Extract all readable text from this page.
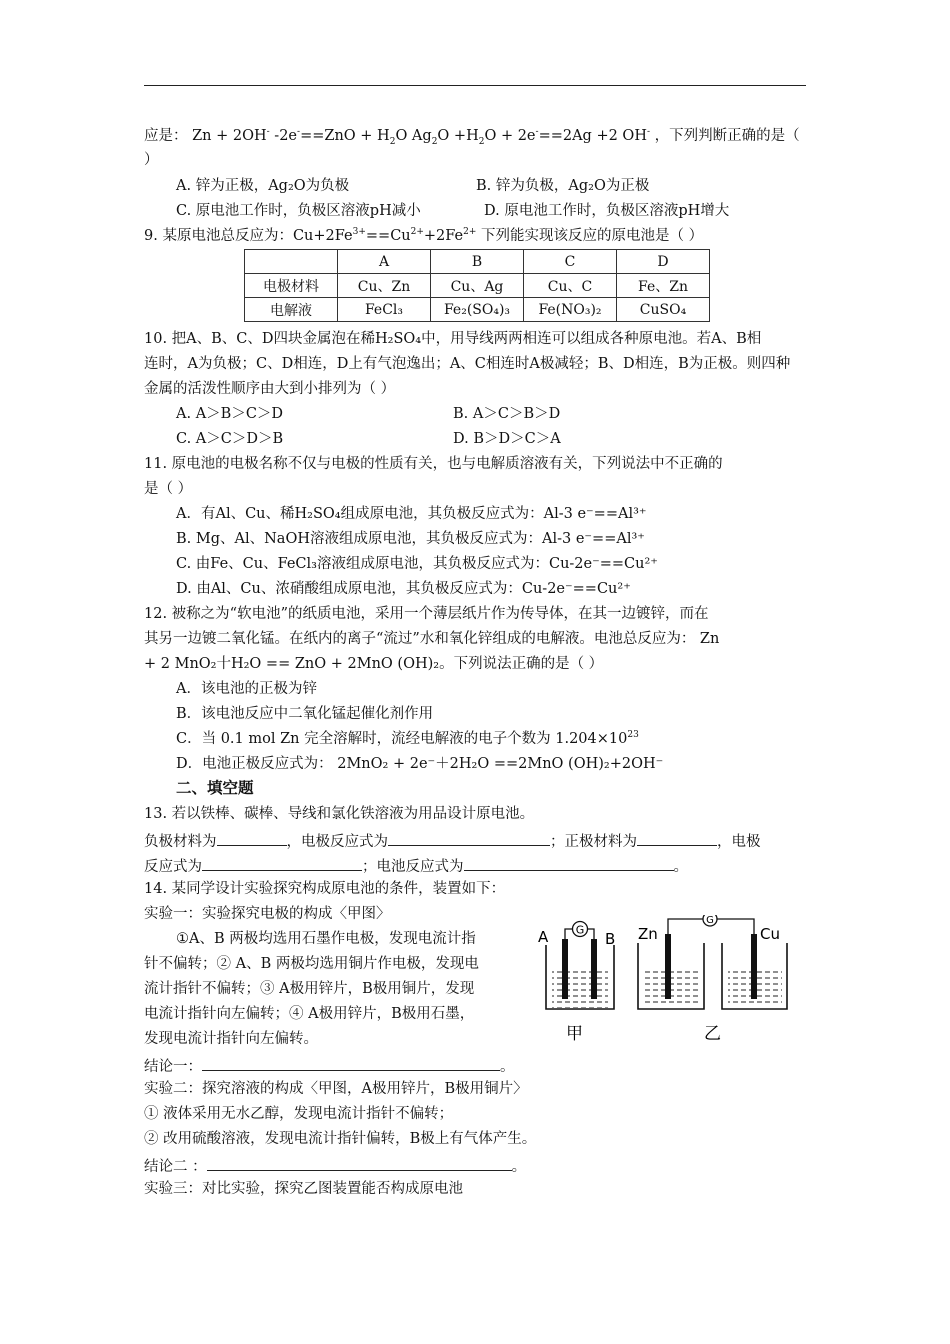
应是： Zn + 2OH- $-2e^-==ZnO + H_2O$ $Ag_2O +H_2O + 2e^-==2Ag +2$ OH- ，下列判断正确的是（
）
A. 锌为正极，Ag₂O为负极	B. 锌为负极，Ag₂O为正极
C. 原电池工作时，负极区溶液pH减小	D. 原电池工作时，负极区溶液pH增大
9. 某原电池总反应为：$Cu+2Fe^{3+}==Cu^{2+}+2Fe^{2+}$ 下列能实现该反应的原电池是（ ）
	A	B	C	D
电极材料	Cu、Zn	Cu、Ag	Cu、C	Fe、Zn
电解液	FeCl₃	Fe₂(SO₄)₃	Fe(NO₃)₂	CuSO₄
10. 把A、B、C、D四块金属泡在稀H₂SO₄中，用导线两两相连可以组成各种原电池。若A、B相
连时，A为负极；C、D相连，D上有气泡逸出；A、C相连时A极减轻；B、D相连，B为正极。则四种
金属的活泼性顺序由大到小排列为（ ）
A. A＞B＞C＞D	B. A＞C＞B＞D
C. A＞C＞D＞B	D. B＞D＞C＞A
11. 原电池的电极名称不仅与电极的性质有关，也与电解质溶液有关，下列说法中不正确的
是（ ）
A．有Al、Cu、稀H₂SO₄组成原电池，其负极反应式为：Al-3 e⁻==Al³⁺
B. Mg、Al、NaOH溶液组成原电池，其负极反应式为：Al-3 e⁻==Al³⁺
C. 由Fe、Cu、FeCl₃溶液组成原电池，其负极反应式为：Cu-2e⁻==Cu²⁺
D. 由Al、Cu、浓硝酸组成原电池，其负极反应式为：Cu-2e⁻==Cu²⁺
12. 被称之为“软电池”的纸质电池，采用一个薄层纸片作为传导体，在其一边镀锌，而在
其另一边镀二氧化锰。在纸内的离子“流过”水和氧化锌组成的电解液。电池总反应为： Zn
+ 2 MnO₂十H₂O == ZnO + 2MnO (OH)₂。下列说法正确的是（ ）
A．该电池的正极为锌
B．该电池反应中二氧化锰起催化剂作用
C．当 0.1 mol Zn 完全溶解时，流经电解液的电子个数为 $1.204\times 10^{23}$
D．电池正极反应式为： 2MnO₂ + 2e⁻＋2H₂O ==2MnO (OH)₂+2OH⁻
二、填空题
13. 若以铁棒、碳棒、导线和氯化铁溶液为用品设计原电池。
负极材料为	，电极反应式为	；正极材料为	，电极
反应式为	；电池反应式为	。
14. 某同学设计实验探究构成原电池的条件，装置如下：
实验一：实验探究电极的构成〈甲图〉
①A、B 两极均选用石墨作电极，发现电流计指
针不偏转；② A、B 两极均选用铜片作电极，发现电
流计指针不偏转；③ A极用锌片，B极用铜片，发现
电流计指针向左偏转；④ A极用锌片，B极用石墨，
发现电流计指针向左偏转。
结论一：	。
实验二：探究溶液的构成〈甲图，A极用锌片，B极用铜片〉
① 液体采用无水乙醇，发现电流计指针不偏转；
② 改用硫酸溶液，发现电流计指针偏转，B极上有气体产生。
结论二 ：	。
实验三：对比实验，探究乙图装置能否构成原电池
G
A	B
甲
G
Zn	Cu
乙
